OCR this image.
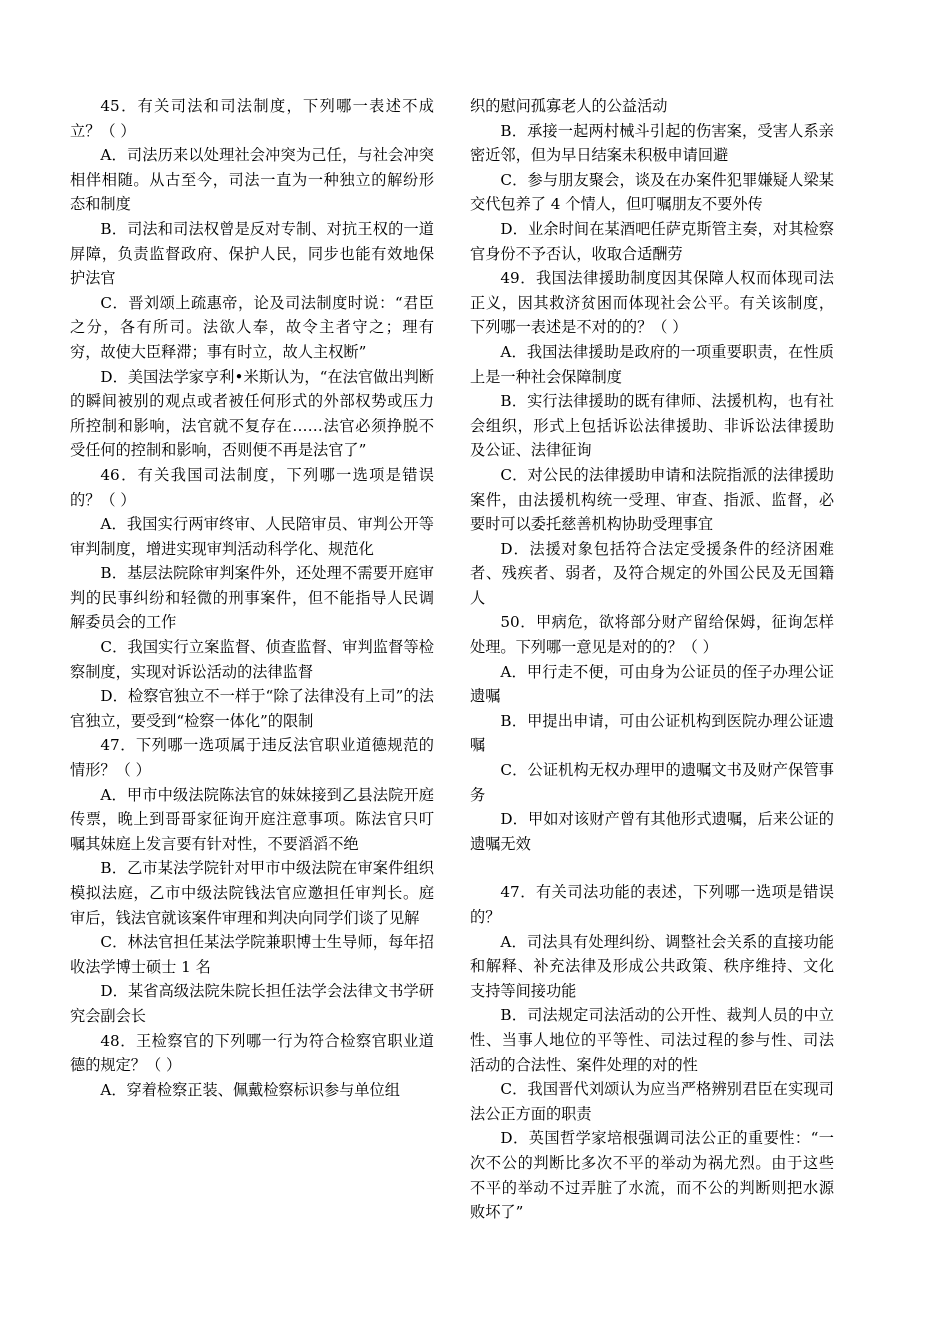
45．有关司法和司法制度，下列哪一表述不成立？（ ）

A．司法历来以处理社会冲突为己任，与社会冲突相伴相随。从古至今，司法一直为一种独立的解纷形态和制度

B．司法和司法权曾是反对专制、对抗王权的一道屏障，负责监督政府、保护人民，同步也能有效地保护法官

C．晋刘颂上疏惠帝，论及司法制度时说：“君臣之分，各有所司。法欲人奉，故令主者守之；理有穷，故使大臣释滞；事有时立，故人主权断”

D．美国法学家亨利•米斯认为，“在法官做出判断的瞬间被别的观点或者被任何形式的外部权势或压力所控制和影响，法官就不复存在……法官必须挣脱不受任何的控制和影响，否则便不再是法官了”

46．有关我国司法制度，下列哪一选项是错误的？（ ）

A．我国实行两审终审、人民陪审员、审判公开等审判制度，增进实现审判活动科学化、规范化

B．基层法院除审判案件外，还处理不需要开庭审判的民事纠纷和轻微的刑事案件，但不能指导人民调解委员会的工作

C．我国实行立案监督、侦查监督、审判监督等检察制度，实现对诉讼活动的法律监督

D．检察官独立不一样于“除了法律没有上司”的法官独立，要受到“检察一体化”的限制

47．下列哪一选项属于违反法官职业道德规范的情形？（ ）

A．甲市中级法院陈法官的妹妹接到乙县法院开庭传票，晚上到哥哥家征询开庭注意事项。陈法官只叮嘱其妹庭上发言要有针对性，不要滔滔不绝

B．乙市某法学院针对甲市中级法院在审案件组织模拟法庭，乙市中级法院钱法官应邀担任审判长。庭审后，钱法官就该案件审理和判决向同学们谈了见解

C．林法官担任某法学院兼职博士生导师，每年招收法学博士硕士 1 名

D．某省高级法院朱院长担任法学会法律文书学研究会副会长

48．王检察官的下列哪一行为符合检察官职业道德的规定？（ ）

A．穿着检察正装、佩戴检察标识参与单位组

织的慰问孤寡老人的公益活动

B．承接一起两村械斗引起的伤害案，受害人系亲密近邻，但为早日结案未积极申请回避

C．参与朋友聚会，谈及在办案件犯罪嫌疑人梁某交代包养了 4 个情人，但叮嘱朋友不要外传

D．业余时间在某酒吧任萨克斯管主奏，对其检察官身份不予否认，收取合适酬劳

49．我国法律援助制度因其保障人权而体现司法正义，因其救济贫困而体现社会公平。有关该制度，下列哪一表述是不对的的？（ ）

A．我国法律援助是政府的一项重要职责，在性质上是一种社会保障制度

B．实行法律援助的既有律师、法援机构，也有社会组织，形式上包括诉讼法律援助、非诉讼法律援助及公证、法律征询

C．对公民的法律援助申请和法院指派的法律援助案件，由法援机构统一受理、审查、指派、监督，必要时可以委托慈善机构协助受理事宜

D．法援对象包括符合法定受援条件的经济困难者、残疾者、弱者，及符合规定的外国公民及无国籍人

50．甲病危，欲将部分财产留给保姆，征询怎样处理。下列哪一意见是对的的？（ ）

A．甲行走不便，可由身为公证员的侄子办理公证遗嘱

B．甲提出申请，可由公证机构到医院办理公证遗嘱

C．公证机构无权办理甲的遗嘱文书及财产保管事务

D．甲如对该财产曾有其他形式遗嘱，后来公证的遗嘱无效

47．有关司法功能的表述，下列哪一选项是错误的？

A．司法具有处理纠纷、调整社会关系的直接功能和解释、补充法律及形成公共政策、秩序维持、文化支持等间接功能

B．司法规定司法活动的公开性、裁判人员的中立性、当事人地位的平等性、司法过程的参与性、司法活动的合法性、案件处理的对的性

C．我国晋代刘颂认为应当严格辨别君臣在实现司法公正方面的职责

D．英国哲学家培根强调司法公正的重要性：“一次不公的判断比多次不平的举动为祸尤烈。由于这些不平的举动不过弄脏了水流，而不公的判断则把水源败坏了”
